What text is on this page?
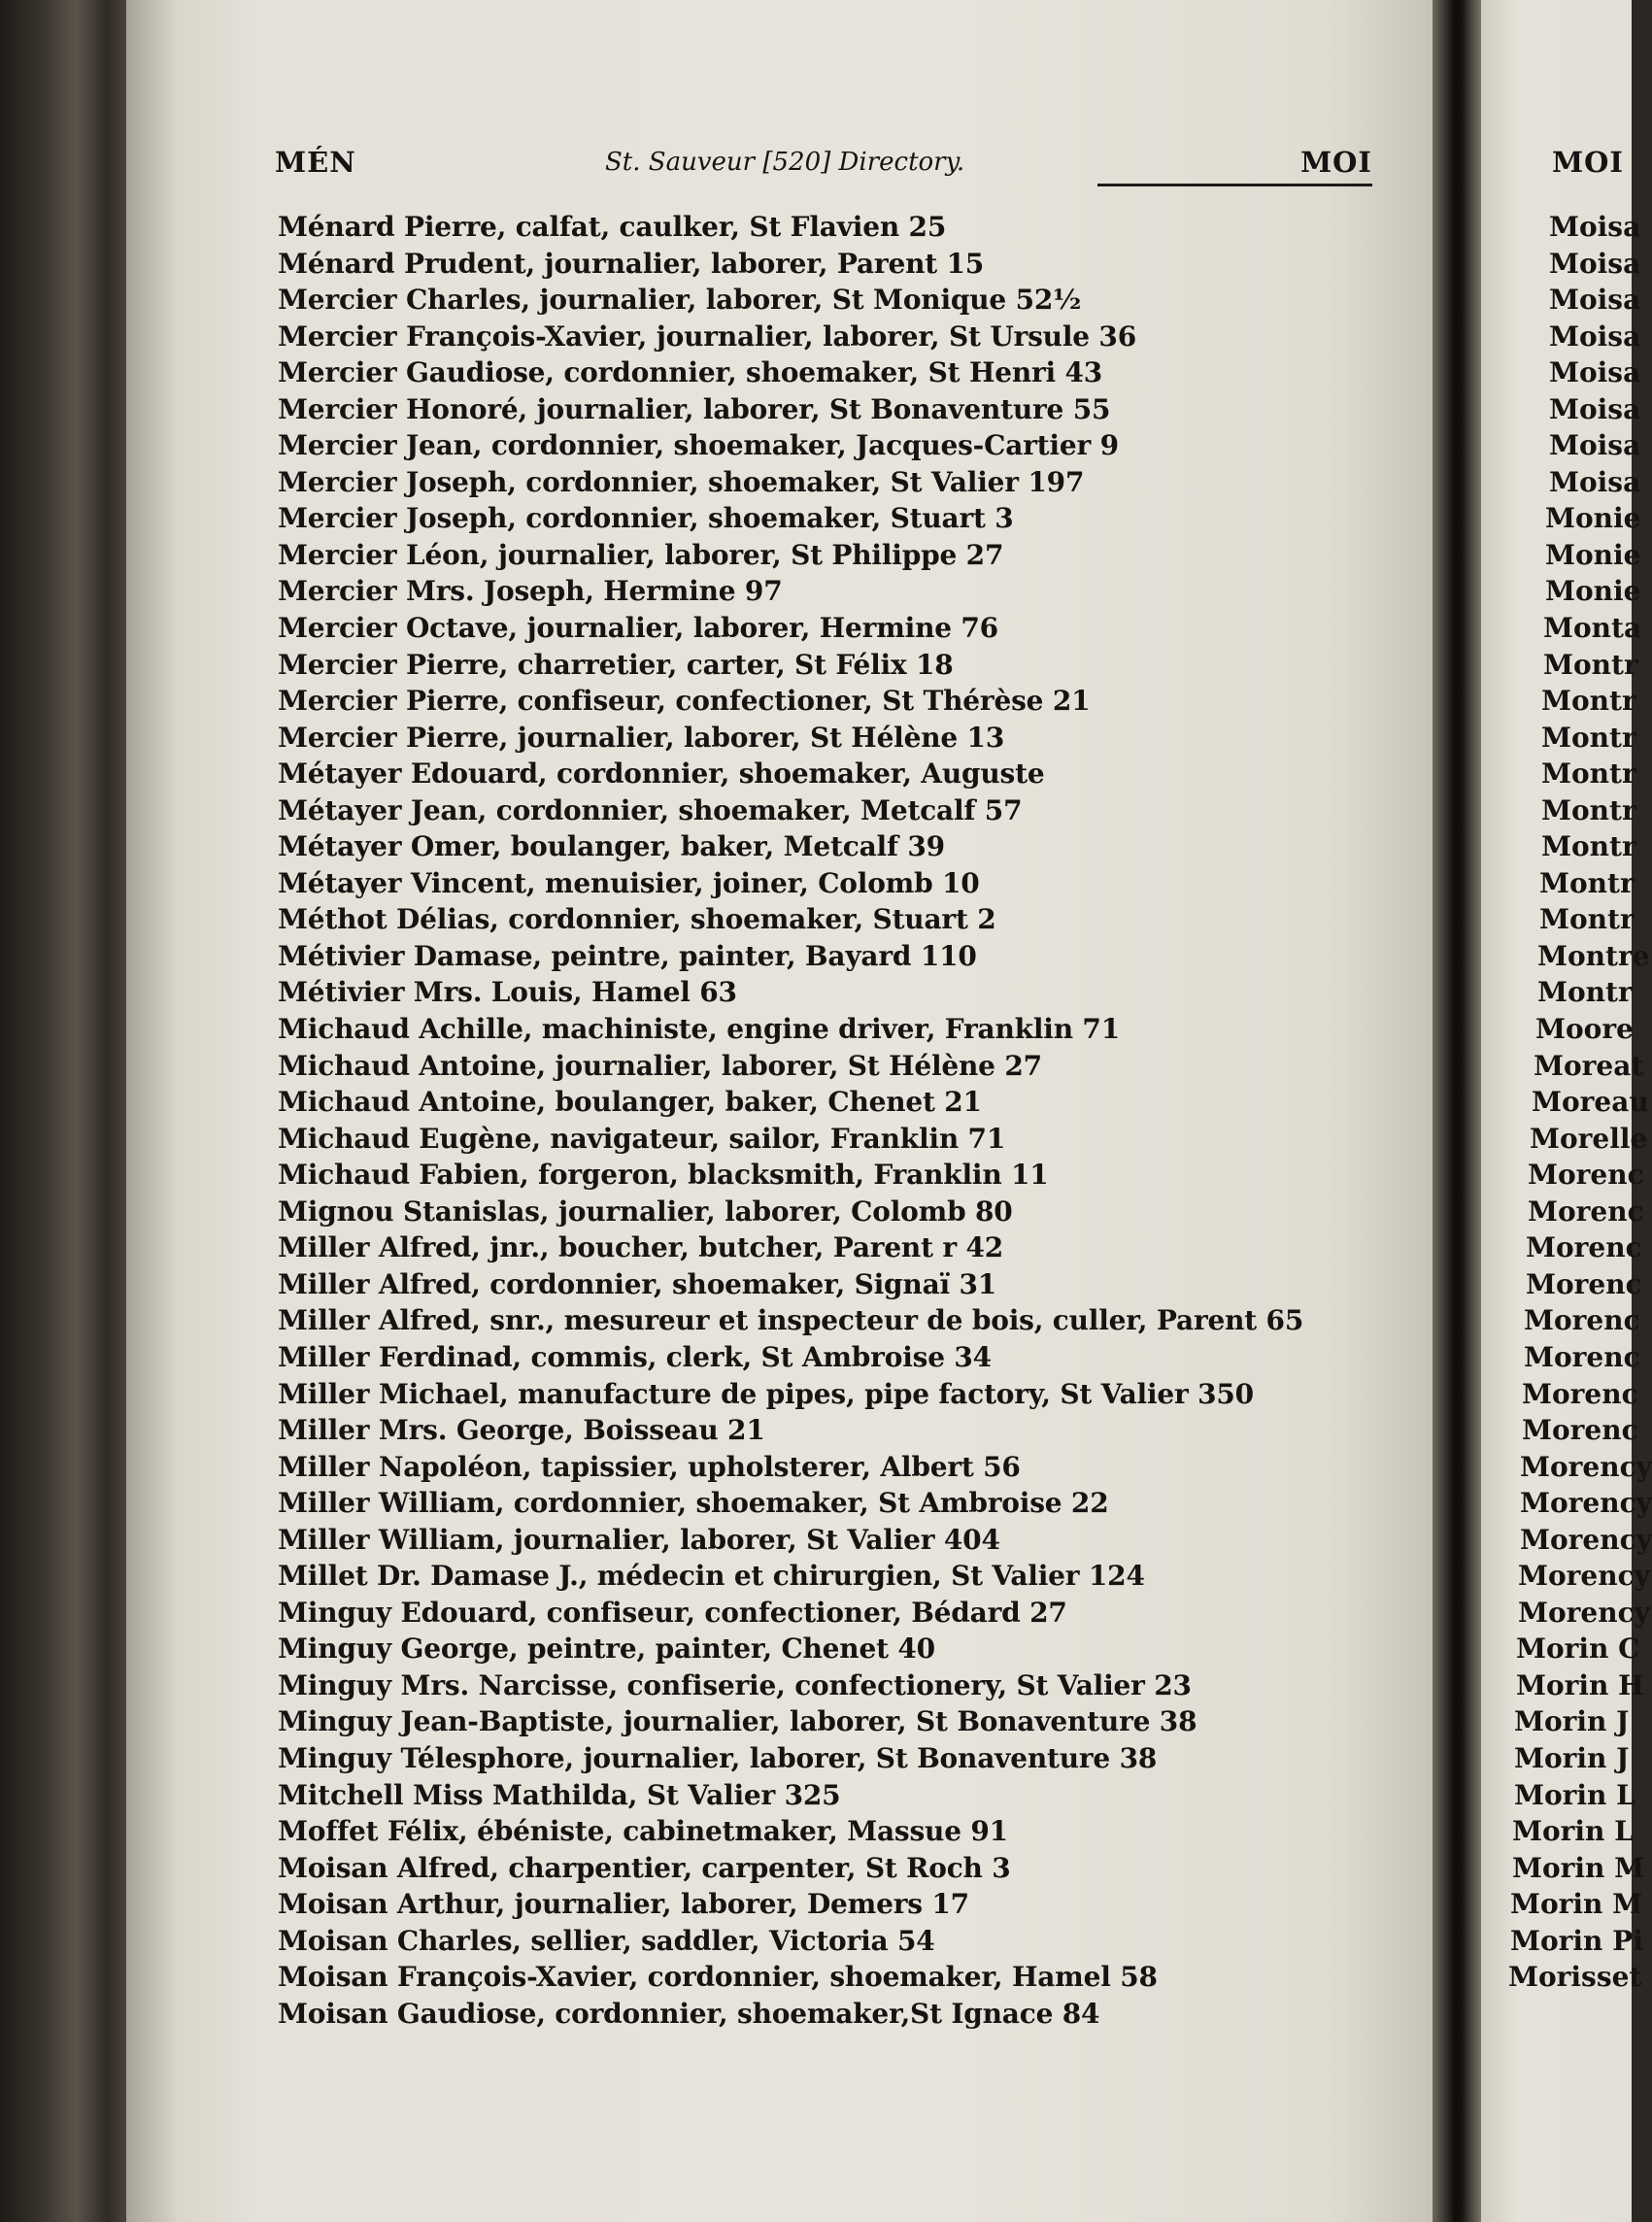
MÉN	St. Sauveur [520] Directory.	MOI
Ménard Pierre, calfat, caulker, St Flavien 25
Ménard Prudent, journalier, laborer, Parent 15
Mercier Charles, journalier, laborer, St Monique 52½
Mercier François-Xavier, journalier, laborer, St Ursule 36
Mercier Gaudiose, cordonnier, shoemaker, St Henri 43
Mercier Honoré, journalier, laborer, St Bonaventure 55
Mercier Jean, cordonnier, shoemaker, Jacques-Cartier 9
Mercier Joseph, cordonnier, shoemaker, St Valier 197
Mercier Joseph, cordonnier, shoemaker, Stuart 3
Mercier Léon, journalier, laborer, St Philippe 27
Mercier Mrs. Joseph, Hermine 97
Mercier Octave, journalier, laborer, Hermine 76
Mercier Pierre, charretier, carter, St Félix 18
Mercier Pierre, confiseur, confectioner, St Thérèse 21
Mercier Pierre, journalier, laborer, St Hélène 13
Métayer Edouard, cordonnier, shoemaker, Auguste
Métayer Jean, cordonnier, shoemaker, Metcalf 57
Métayer Omer, boulanger, baker, Metcalf 39
Métayer Vincent, menuisier, joiner, Colomb 10
Méthot Délias, cordonnier, shoemaker, Stuart 2
Métivier Damase, peintre, painter, Bayard 110
Métivier Mrs. Louis, Hamel 63
Michaud Achille, machiniste, engine driver, Franklin 71
Michaud Antoine, journalier, laborer, St Hélène 27
Michaud Antoine, boulanger, baker, Chenet 21
Michaud Eugène, navigateur, sailor, Franklin 71
Michaud Fabien, forgeron, blacksmith, Franklin 11
Mignou Stanislas, journalier, laborer, Colomb 80
Miller Alfred, jnr., boucher, butcher, Parent r 42
Miller Alfred, cordonnier, shoemaker, Signaï 31
Miller Alfred, snr., mesureur et inspecteur de bois, culler, Parent 65
Miller Ferdinad, commis, clerk, St Ambroise 34
Miller Michael, manufacture de pipes, pipe factory, St Valier 350
Miller Mrs. George, Boisseau 21
Miller Napoléon, tapissier, upholsterer, Albert 56
Miller William, cordonnier, shoemaker, St Ambroise 22
Miller William, journalier, laborer, St Valier 404
Millet Dr. Damase J., médecin et chirurgien, St Valier 124
Minguy Edouard, confiseur, confectioner, Bédard 27
Minguy George, peintre, painter, Chenet 40
Minguy Mrs. Narcisse, confiserie, confectionery, St Valier 23
Minguy Jean-Baptiste, journalier, laborer, St Bonaventure 38
Minguy Télesphore, journalier, laborer, St Bonaventure 38
Mitchell Miss Mathilda, St Valier 325
Moffet Félix, ébéniste, cabinetmaker, Massue 91
Moisan Alfred, charpentier, carpenter, St Roch 3
Moisan Arthur, journalier, laborer, Demers 17
Moisan Charles, sellier, saddler, Victoria 54
Moisan François-Xavier, cordonnier, shoemaker, Hamel 58
Moisan Gaudiose, cordonnier, shoemaker,St Ignace 84
MOI
Moisa
Moisa
Moisa
Moisa
Moisa
Moisa
Moisa
Moisa
Monie
Monie
Monie
Monta
Montr
Montr
Montr
Montr
Montr
Montr
Montr
Montr
Montre
Montr
Moore
Moreat
Moreau
Morelle
Morenc
Morenc
Morenc
Morenc
Morenc
Morenc
Morenc
Morenc
Morency
Morency
Morency
Morency
Morency
Morin C
Morin H
Morin J
Morin J
Morin L
Morin L
Morin M
Morin M
Morin Pi
Morisset
